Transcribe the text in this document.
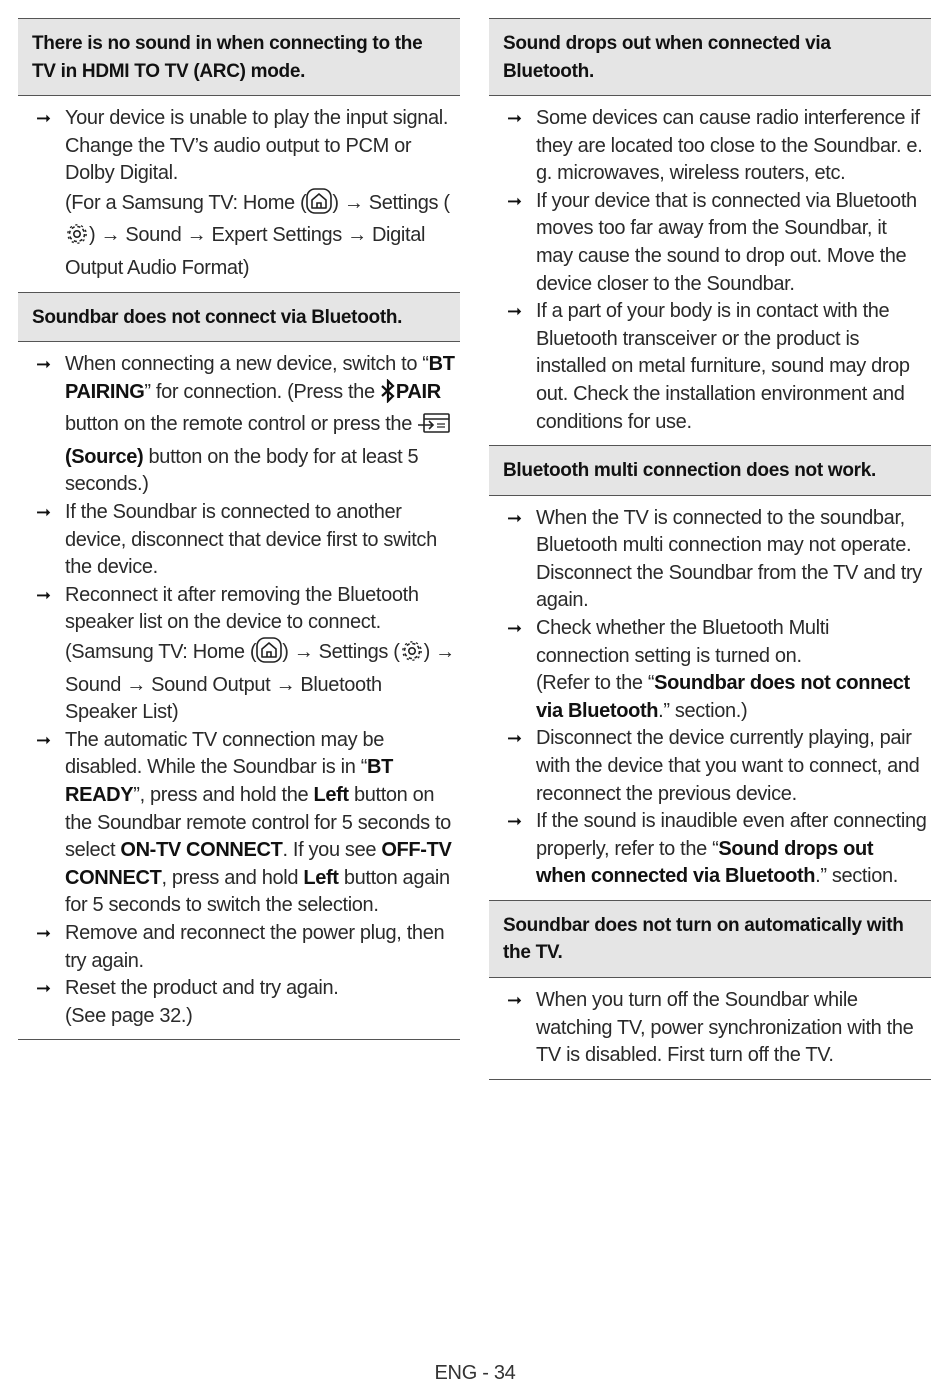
There is no sound in when connecting to the TV in HDMI TO TV (ARC) mode.
➞ Your device is unable to play the input signal. Change the TV’s audio output to PCM or Dolby Digital.
(For a Samsung TV: Home ( ) → Settings () → Sound → Expert Settings → Digital Output Audio Format)
Soundbar does not connect via Bluetooth.
➞ When connecting a new device, switch to “BT PAIRING” for connection. (Press the PAIR button on the remote control or press the  (Source) button on the body for at least 5 seconds.)
➞ If the Soundbar is connected to another device, disconnect that device first to switch the device.
➞ Reconnect it after removing the Bluetooth speaker list on the device to connect.
(Samsung TV: Home ( ) → Settings ( ) → Sound → Sound Output → Bluetooth Speaker List)
➞ The automatic TV connection may be disabled. While the Soundbar is in “BT READY”, press and hold the Left button on the Soundbar remote control for 5 seconds to select ON-TV CONNECT. If you see OFF-TV CONNECT, press and hold Left button again for 5 seconds to switch the selection.
➞ Remove and reconnect the power plug, then try again.
➞ Reset the product and try again.
(See page 32.)
Sound drops out when connected via Bluetooth.
➞ Some devices can cause radio interference if they are located too close to the Soundbar. e. g. microwaves, wireless routers, etc.
➞ If your device that is connected via Bluetooth moves too far away from the Soundbar, it may cause the sound to drop out. Move the device closer to the Soundbar.
➞ If a part of your body is in contact with the Bluetooth transceiver or the product is installed on metal furniture, sound may drop out. Check the installation environment and conditions for use.
Bluetooth multi connection does not work.
➞ When the TV is connected to the soundbar, Bluetooth multi connection may not operate. Disconnect the Soundbar from the TV and try again.
➞ Check whether the Bluetooth Multi connection setting is turned on.
(Refer to the “Soundbar does not connect via Bluetooth.” section.)
➞ Disconnect the device currently playing, pair with the device that you want to connect, and reconnect the previous device.
➞ If the sound is inaudible even after connecting properly, refer to the “Sound drops out when connected via Bluetooth.” section.
Soundbar does not turn on automatically with the TV.
➞ When you turn off the Soundbar while watching TV, power synchronization with the TV is disabled. First turn off the TV.
ENG - 34
